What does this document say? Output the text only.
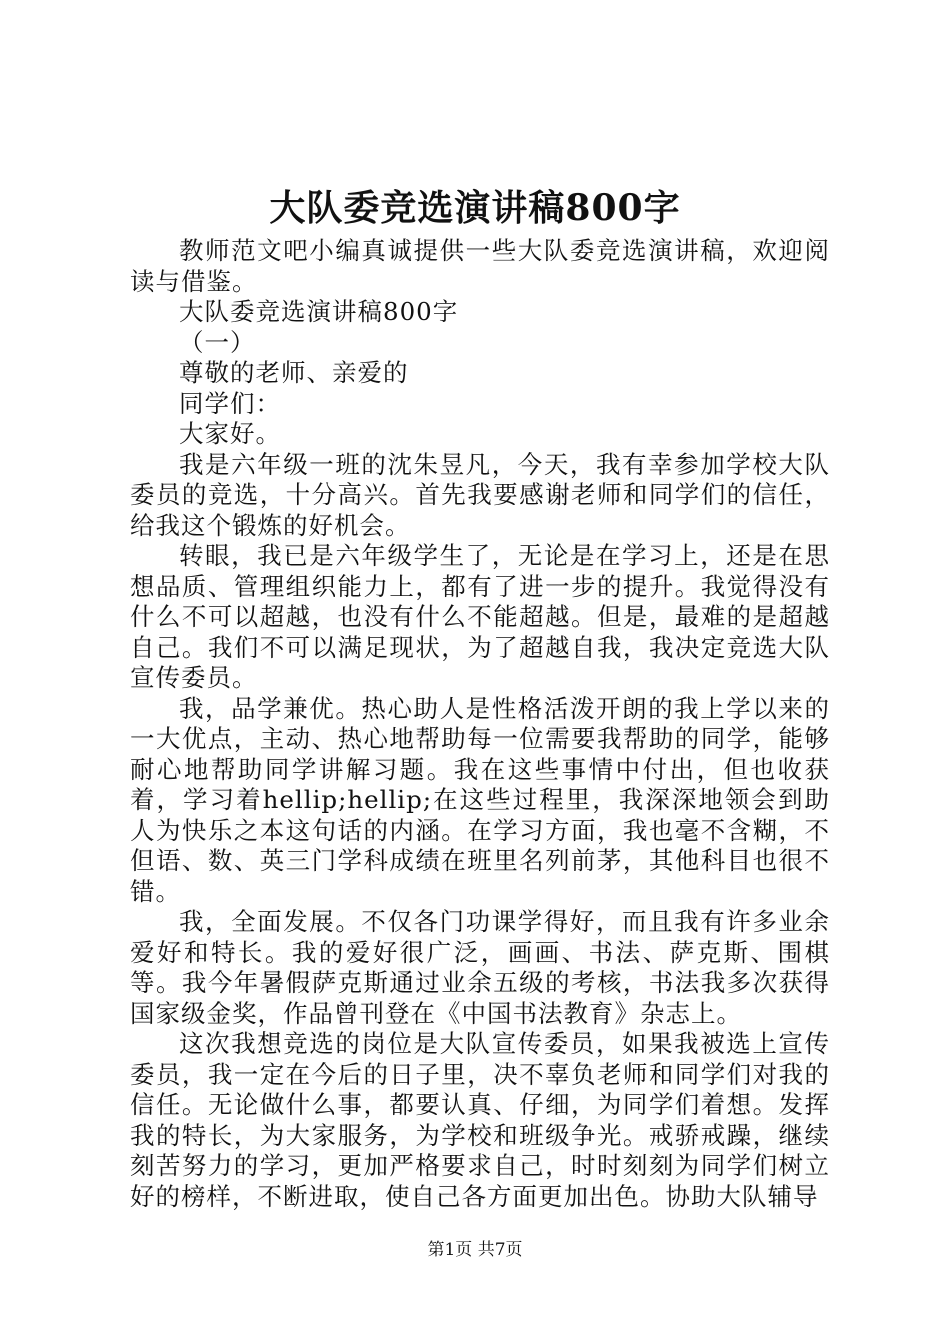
大队委竞选演讲稿800字

教师范文吧小编真诚提供一些大队委竞选演讲稿，欢迎阅读与借鉴。

大队委竞选演讲稿800字

（一）

尊敬的老师、亲爱的

同学们：

大家好。

我是六年级一班的沈朱昱凡，今天，我有幸参加学校大队委员的竞选，十分高兴。首先我要感谢老师和同学们的信任，给我这个锻炼的好机会。

转眼，我已是六年级学生了，无论是在学习上，还是在思想品质、管理组织能力上，都有了进一步的提升。我觉得没有什么不可以超越，也没有什么不能超越。但是，最难的是超越自己。我们不可以满足现状，为了超越自我，我决定竞选大队宣传委员。

我，品学兼优。热心助人是性格活泼开朗的我上学以来的一大优点，主动、热心地帮助每一位需要我帮助的同学，能够耐心地帮助同学讲解习题。我在这些事情中付出，但也收获着，学习着hellip;hellip;在这些过程里，我深深地领会到助人为快乐之本这句话的内涵。在学习方面，我也毫不含糊，不但语、数、英三门学科成绩在班里名列前茅，其他科目也很不错。

我，全面发展。不仅各门功课学得好，而且我有许多业余爱好和特长。我的爱好很广泛，画画、书法、萨克斯、围棋等。我今年暑假萨克斯通过业余五级的考核，书法我多次获得国家级金奖，作品曾刊登在《中国书法教育》杂志上。

这次我想竞选的岗位是大队宣传委员，如果我被选上宣传委员，我一定在今后的日子里，决不辜负老师和同学们对我的信任。无论做什么事，都要认真、仔细，为同学们着想。发挥我的特长，为大家服务，为学校和班级争光。戒骄戒躁，继续刻苦努力的学习，更加严格要求自己，时时刻刻为同学们树立好的榜样，不断进取，使自己各方面更加出色。协助大队辅导

第1页 共7页
